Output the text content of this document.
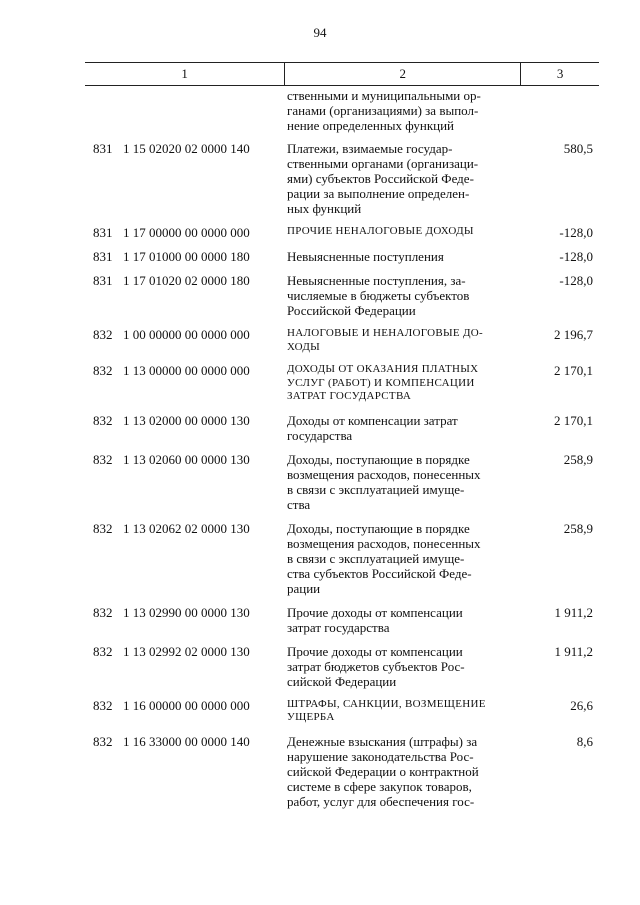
94
1	2	3
ственными и муниципальными ор-
ганами (организациями) за выпол-
нение определенных функций
831 1 15 02020 02 0000 140	Платежи, взимаемые государ-
ственными органами (организаци-
ями) субъектов Российской Феде-
рации за выполнение определен-
ных функций
580,5
831 1 17 00000 00 0000 000	ПРОЧИЕ НЕНАЛОГОВЫЕ ДОХОДЫ	-128,0
831 1 17 01000 00 0000 180	Невыясненные поступления	-128,0
831 1 17 01020 02 0000 180	Невыясненные поступления, за-
числяемые в бюджеты субъектов
Российской Федерации
-128,0
832 1 00 00000 00 0000 000	НАЛОГОВЫЕ И НЕНАЛОГОВЫЕ ДО-
ХОДЫ
2 196,7
832 1 13 00000 00 0000 000	ДОХОДЫ ОТ ОКАЗАНИЯ ПЛАТНЫХ
УСЛУГ (РАБОТ) И КОМПЕНСАЦИИ
ЗАТРАТ ГОСУДАРСТВА
2 170,1
832 1 13 02000 00 0000 130	Доходы от компенсации затрат
государства
2 170,1
832 1 13 02060 00 0000 130	Доходы, поступающие в порядке
возмещения расходов, понесенных
в связи с эксплуатацией имуще-
ства
258,9
832 1 13 02062 02 0000 130	Доходы, поступающие в порядке
возмещения расходов, понесенных
в связи с эксплуатацией имуще-
ства субъектов Российской Феде-
рации
258,9
832 1 13 02990 00 0000 130	Прочие доходы от компенсации
затрат государства
1 911,2
832 1 13 02992 02 0000 130	Прочие доходы от компенсации
затрат бюджетов субъектов Рос-
сийской Федерации
1 911,2
832 1 16 00000 00 0000 000	ШТРАФЫ, САНКЦИИ, ВОЗМЕЩЕНИЕ
УЩЕРБА
26,6
832 1 16 33000 00 0000 140	Денежные взыскания (штрафы) за
нарушение законодательства Рос-
сийской Федерации о контрактной
системе в сфере закупок товаров,
работ, услуг для обеспечения гос-
8,6
